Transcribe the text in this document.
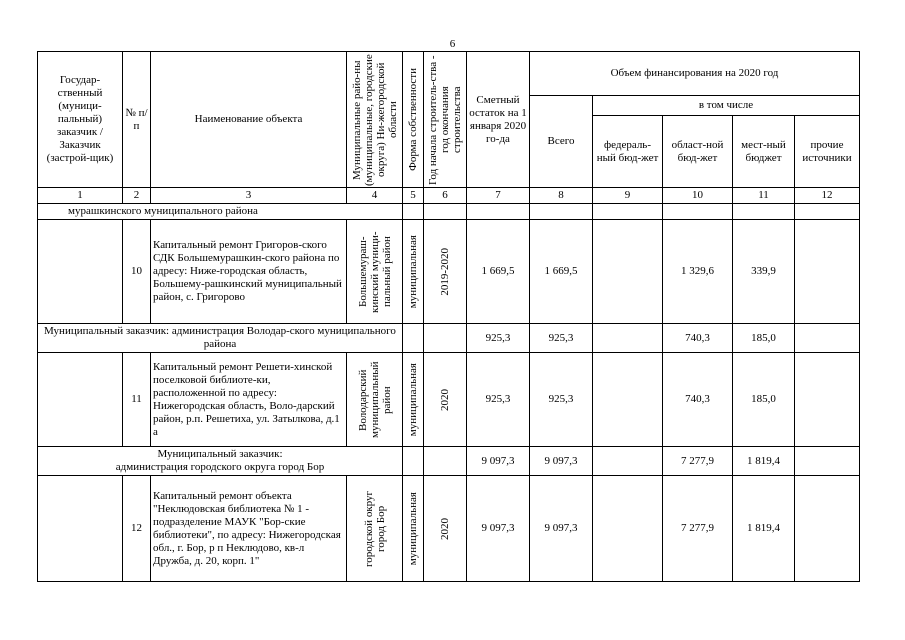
6
Государ-ственный (муници-пальный) заказчик / Заказчик (застрой-щик)	№ п/п	Наименование объекта	Муниципальные райо-ны (муниципальные, городские округа) Ни-жегородской области	Форма собственности	Год начала строитель-ства - год окончания строительства	Сметный остаток на 1 января 2020 го-да	Объем финансирования на 2020 год				
							Всего	в том числе			
								федераль-ный бюд-жет	област-ной бюд-жет	мест-ный бюджет	прочие источники
1	2	3	4	5	6	7	8	9	10	11	12
мурашкинского муниципального района											
	10	Капитальный ремонт Григоров-ского СДК Большемурашкин-ского района по адресу: Ниже-городская область, Большему-рашкинский муниципальный район, с. Григорово	Большемураш-кинский муници-пальный район	муниципальная	2019-2020	1 669,5	1 669,5		1 329,6	339,9	
Муниципальный заказчик: администрация Володар-ского муниципального района						925,3	925,3		740,3	185,0	
	11	Капитальный ремонт Решети-хинской поселковой библиоте-ки, расположенной по адресу: Нижегородская область, Воло-дарский район, р.п. Решетиха, ул. Затылкова, д.1 а	Володарский муниципальный район	муниципальная	2020	925,3	925,3		740,3	185,0	

Муниципальный заказчик:
администрация городского округа город Бор						9 097,3	9 097,3		7 277,9	1 819,4	
	12	Капитальный ремонт объекта "Неклюдовская библиотека № 1 - подразделение МАУК "Бор-ские библиотеки", по адресу: Нижегородская обл., г. Бор, р п Неклюдово, кв-л Дружба, д. 20, корп. 1"	городской округ город Бор	муниципальная	2020	9 097,3	9 097,3		7 277,9	1 819,4	
